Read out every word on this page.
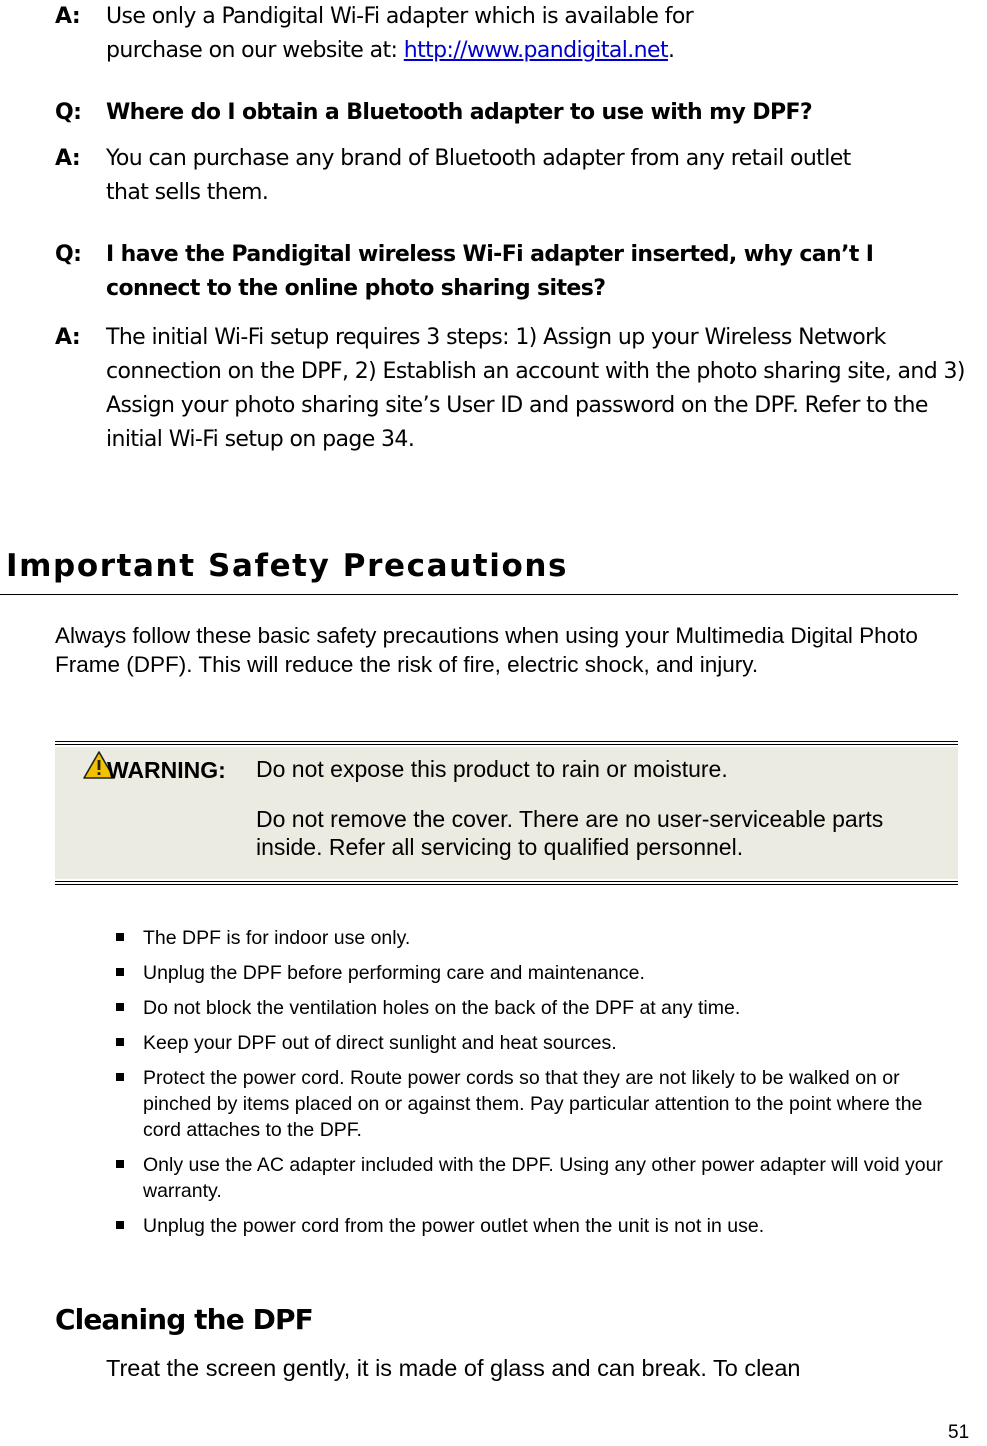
A: Use only a Pandigital Wi-Fi adapter which is available for purchase on our website at: http://www.pandigital.net.
Q: Where do I obtain a Bluetooth adapter to use with my DPF?
A: You can purchase any brand of Bluetooth adapter from any retail outlet that sells them.
Q: I have the Pandigital wireless Wi-Fi adapter inserted, why can’t I connect to the online photo sharing sites?
A: The initial Wi-Fi setup requires 3 steps: 1) Assign up your Wireless Network connection on the DPF, 2) Establish an account with the photo sharing site, and 3) Assign your photo sharing site’s User ID and password on the DPF. Refer to the initial Wi-Fi setup on page 34.
Important Safety Precautions

Always follow these basic safety precautions when using your Multimedia Digital Photo Frame (DPF). This will reduce the risk of fire, electric shock, and injury.

WARNING: Do not expose this product to rain or moisture.

Do not remove the cover. There are no user-serviceable parts inside. Refer all servicing to qualified personnel.

The DPF is for indoor use only.
Unplug the DPF before performing care and maintenance.
Do not block the ventilation holes on the back of the DPF at any time.
Keep your DPF out of direct sunlight and heat sources.
Protect the power cord. Route power cords so that they are not likely to be walked on or pinched by items placed on or against them. Pay particular attention to the point where the cord attaches to the DPF.
Only use the AC adapter included with the DPF. Using any other power adapter will void your warranty.
Unplug the power cord from the power outlet when the unit is not in use.
Cleaning the DPF

Treat the screen gently, it is made of glass and can break. To clean

51
